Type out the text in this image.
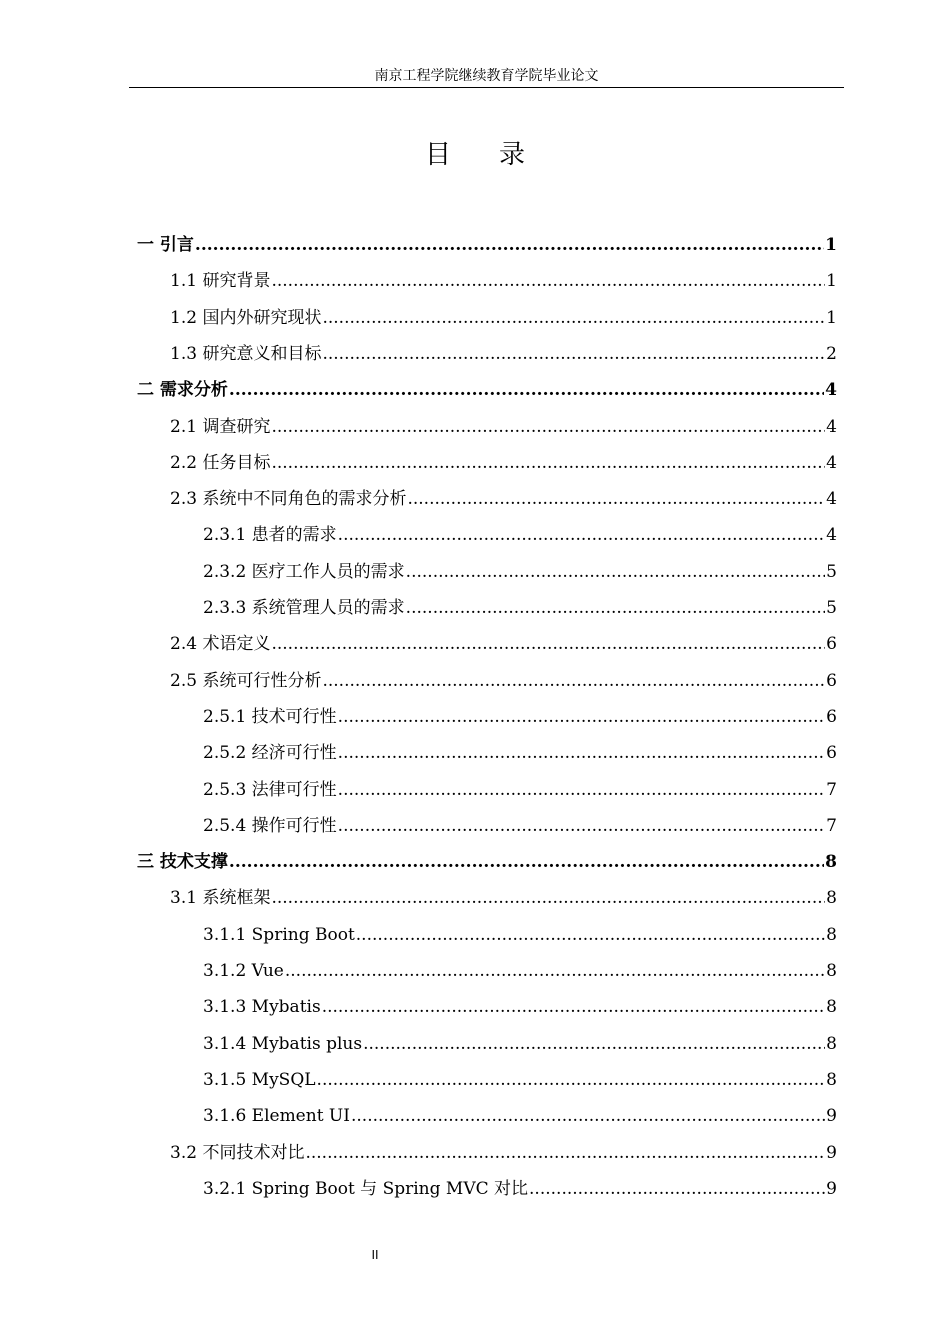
南京工程学院继续教育学院毕业论文
目录
一 引言 .....	1
1.1 研究背景 .....	1
1.2 国内外研究现状 .....	1
1.3 研究意义和目标 .....	2
二 需求分析 .....	4
2.1 调查研究 .....	4
2.2 任务目标 .....	4
2.3 系统中不同角色的需求分析 .....	4
2.3.1 患者的需求 .....	4
2.3.2 医疗工作人员的需求 .....	5
2.3.3 系统管理人员的需求 .....	5
2.4 术语定义 .....	6
2.5 系统可行性分析 .....	6
2.5.1 技术可行性 .....	6
2.5.2 经济可行性 .....	6
2.5.3 法律可行性 .....	7
2.5.4 操作可行性 .....	7
三 技术支撑 .....	8
3.1 系统框架 .....	8
3.1.1 Spring Boot .....	8
3.1.2 Vue .....	8
3.1.3 Mybatis .....	8
3.1.4 Mybatis plus .....	8
3.1.5 MySQL .....	8
3.1.6 Element UI .....	9
3.2 不同技术对比 .....	9
3.2.1 Spring Boot 与 Spring MVC 对比 .....	9
II
